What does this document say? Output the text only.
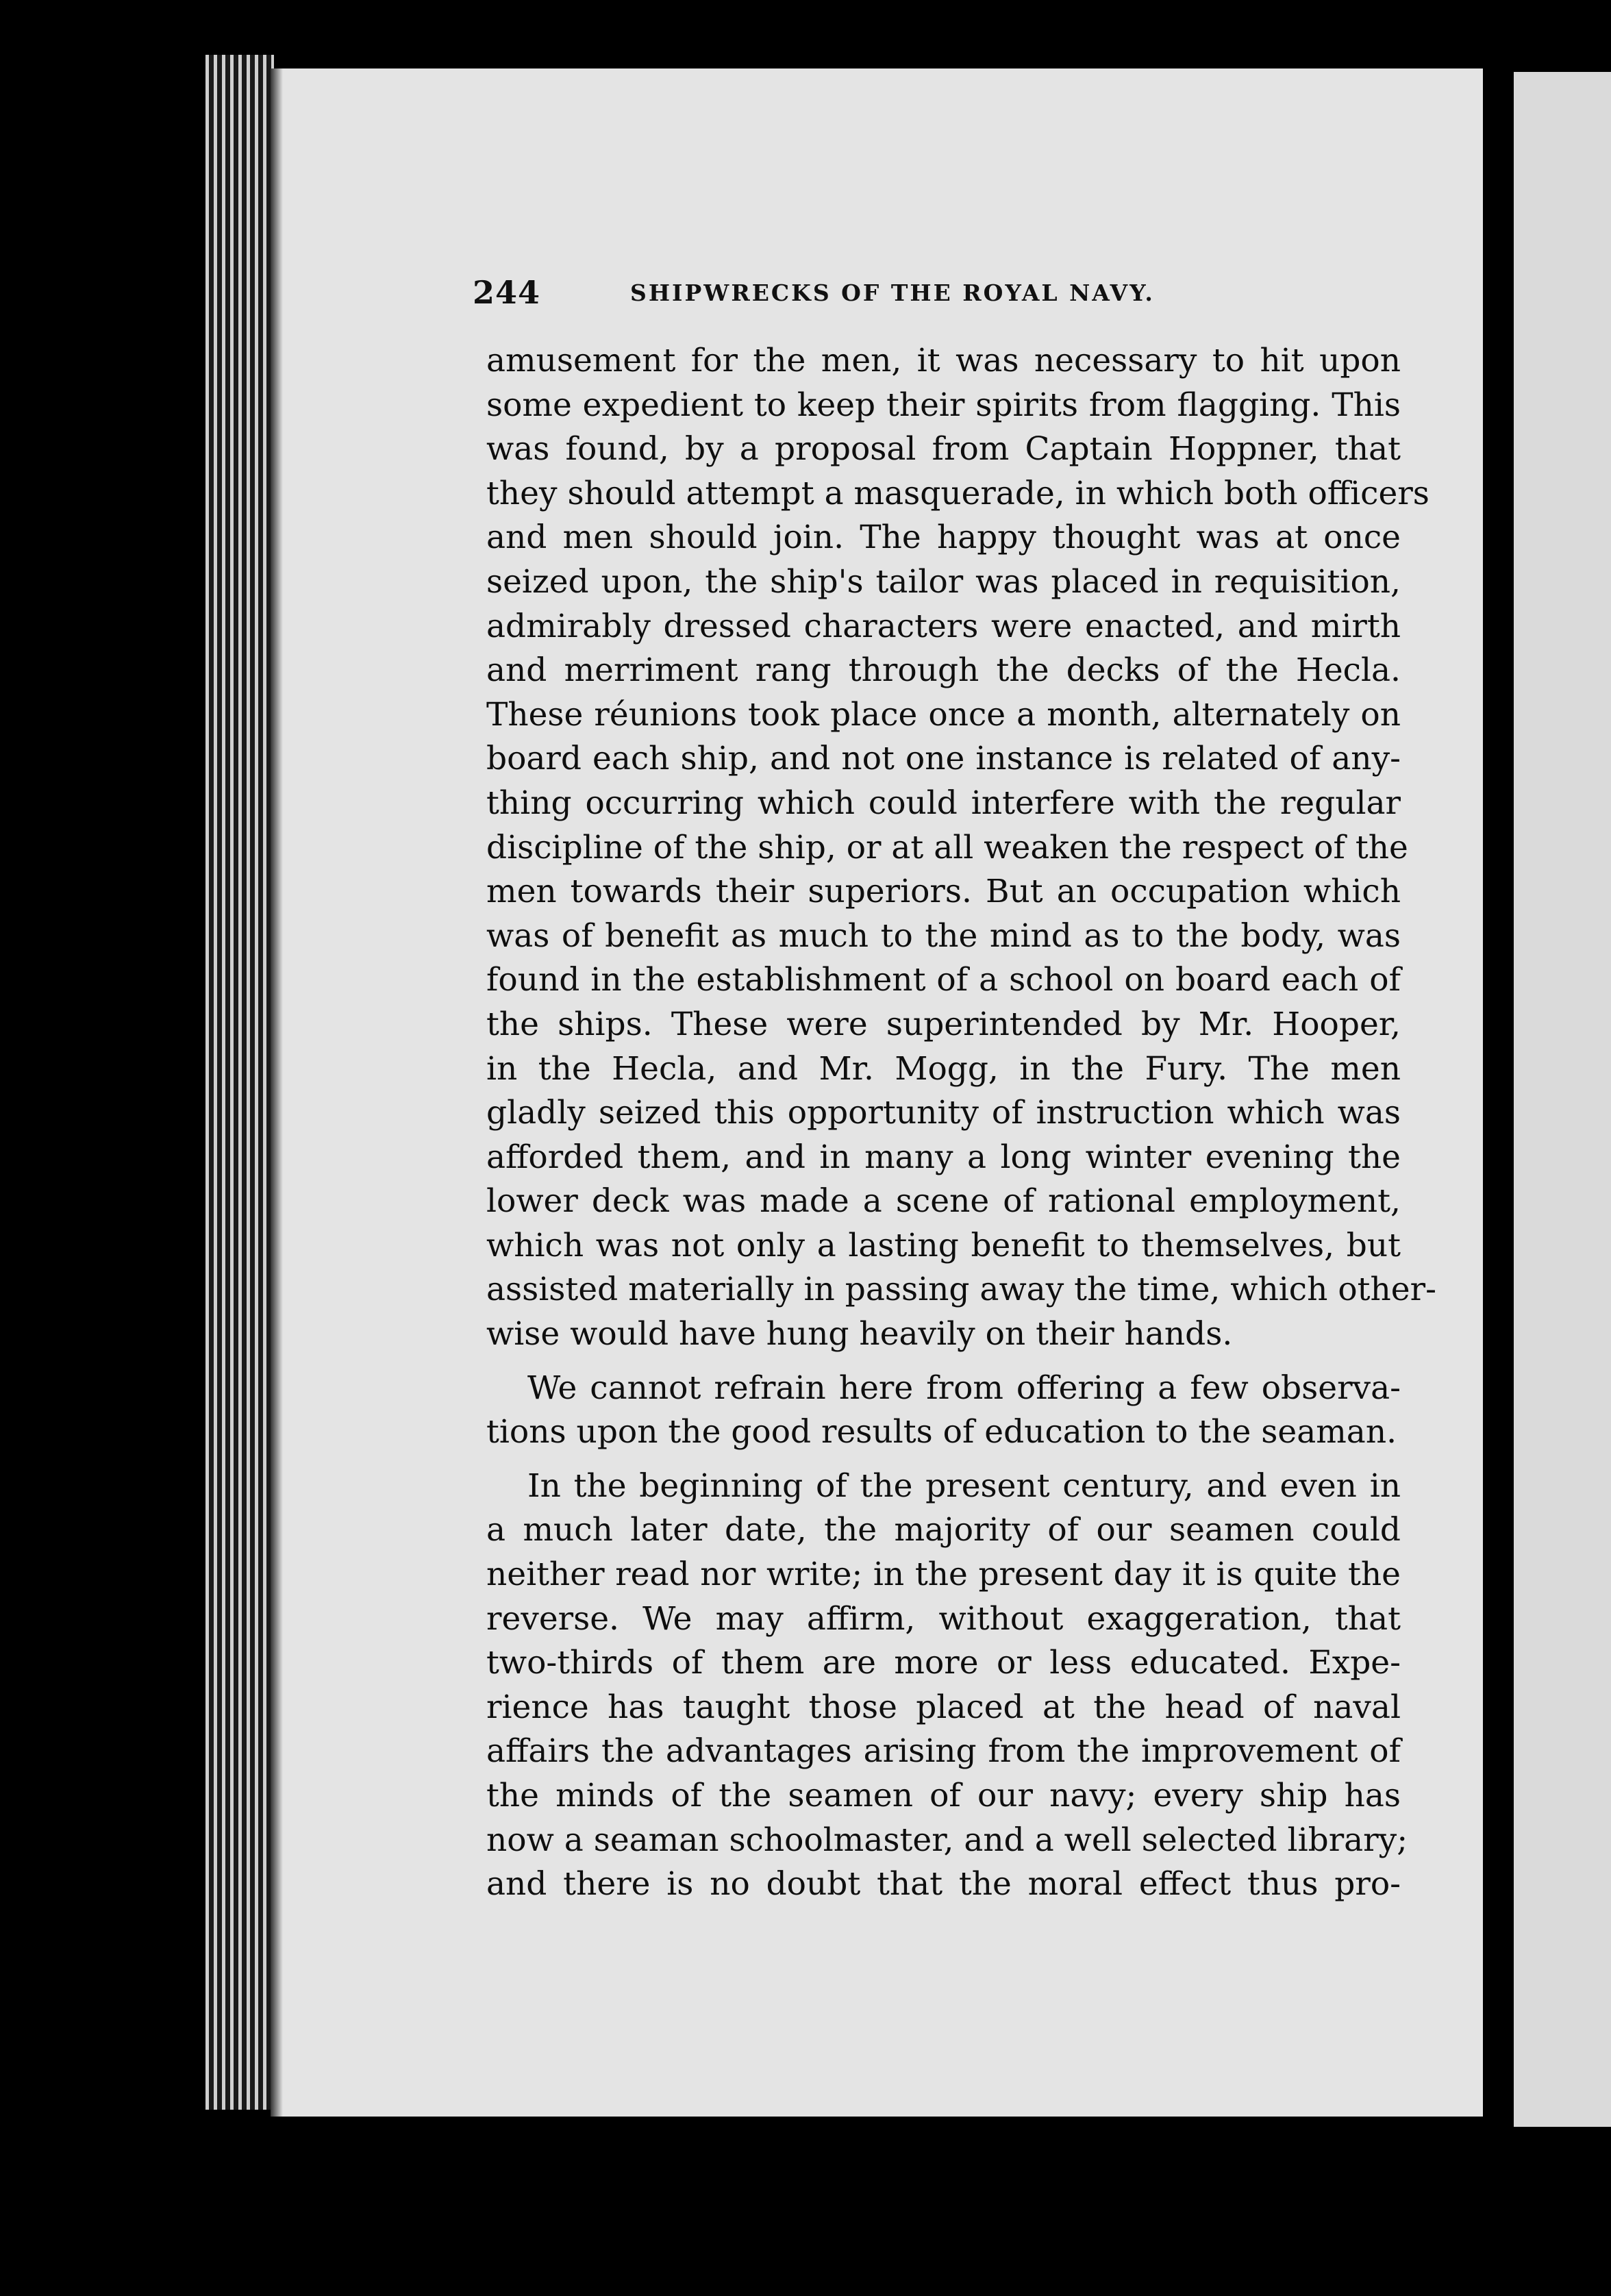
244	SHIPWRECKS OF THE ROYAL NAVY.
amusement for the men, it was necessary to hit upon
some expedient to keep their spirits from flagging. This
was found, by a proposal from Captain Hoppner, that
they should attempt a masquerade, in which both officers
and men should join. The happy thought was at once
seized upon, the ship's tailor was placed in requisition,
admirably dressed characters were enacted, and mirth
and merriment rang through the decks of the Hecla.
These réunions took place once a month, alternately on
board each ship, and not one instance is related of any-
thing occurring which could interfere with the regular
discipline of the ship, or at all weaken the respect of the
men towards their superiors. But an occupation which
was of benefit as much to the mind as to the body, was
found in the establishment of a school on board each of
the ships. These were superintended by Mr. Hooper,
in the Hecla, and Mr. Mogg, in the Fury. The men
gladly seized this opportunity of instruction which was
afforded them, and in many a long winter evening the
lower deck was made a scene of rational employment,
which was not only a lasting benefit to themselves, but
assisted materially in passing away the time, which other-
wise would have hung heavily on their hands.
We cannot refrain here from offering a few observa-
tions upon the good results of education to the seaman.
In the beginning of the present century, and even in
a much later date, the majority of our seamen could
neither read nor write; in the present day it is quite the
reverse. We may affirm, without exaggeration, that
two-thirds of them are more or less educated. Expe-
rience has taught those placed at the head of naval
affairs the advantages arising from the improvement of
the minds of the seamen of our navy; every ship has
now a seaman schoolmaster, and a well selected library;
and there is no doubt that the moral effect thus pro-
